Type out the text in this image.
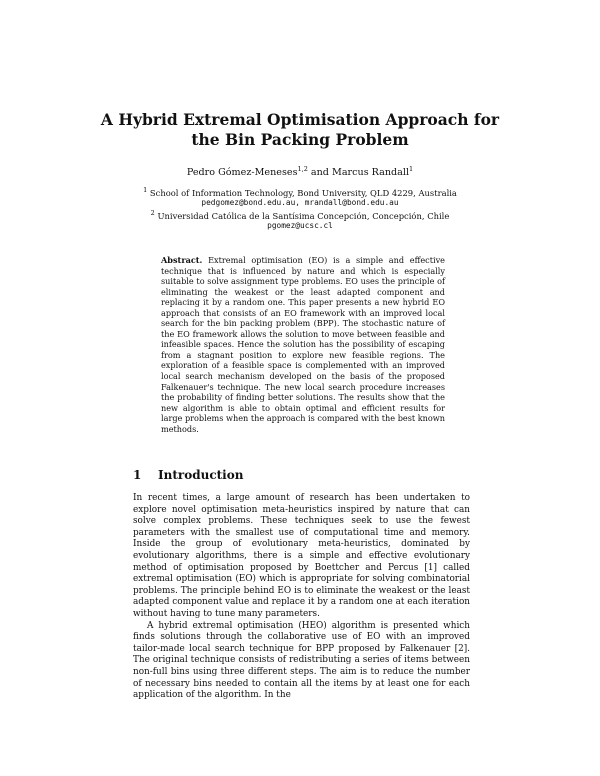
A Hybrid Extremal Optimisation Approach for
the Bin Packing Problem
Pedro Gómez-Meneses$^{1,2}$ and Marcus Randall$^1$
$^1$ School of Information Technology, Bond University, QLD 4229, Australia
pedgomez@bond.edu.au, mrandall@bond.edu.au
$^2$ Universidad Católica de la Santísima Concepción, Concepción, Chile
pgomez@ucsc.cl
Abstract. Extremal optimisation (EO) is a simple and effective technique that is influenced by nature and which is especially suitable to solve assignment type problems. EO uses the principle of eliminating the weakest or the least adapted component and replacing it by a random one. This paper presents a new hybrid EO approach that consists of an EO framework with an improved local search for the bin packing problem (BPP). The stochastic nature of the EO framework allows the solution to move between feasible and infeasible spaces. Hence the solution has the possibility of escaping from a stagnant position to explore new feasible regions. The exploration of a feasible space is complemented with an improved local search mechanism developed on the basis of the proposed Falkenauer's technique. The new local search procedure increases the probability of finding better solutions. The results show that the new algorithm is able to obtain optimal and efficient results for large problems when the approach is compared with the best known methods.
1 Introduction

In recent times, a large amount of research has been undertaken to explore novel optimisation meta-heuristics inspired by nature that can solve complex problems. These techniques seek to use the fewest parameters with the smallest use of computational time and memory. Inside the group of evolutionary meta-heuristics, dominated by evolutionary algorithms, there is a simple and effective evolutionary method of optimisation proposed by Boettcher and Percus [1] called extremal optimisation (EO) which is appropriate for solving combinatorial problems. The principle behind EO is to eliminate the weakest or the least adapted component value and replace it by a random one at each iteration without having to tune many parameters.

A hybrid extremal optimisation (HEO) algorithm is presented which finds solutions through the collaborative use of EO with an improved tailor-made local search technique for BPP proposed by Falkenauer [2]. The original technique consists of redistributing a series of items between non-full bins using three different steps. The aim is to reduce the number of necessary bins needed to contain all the items by at least one for each application of the algorithm. In the
